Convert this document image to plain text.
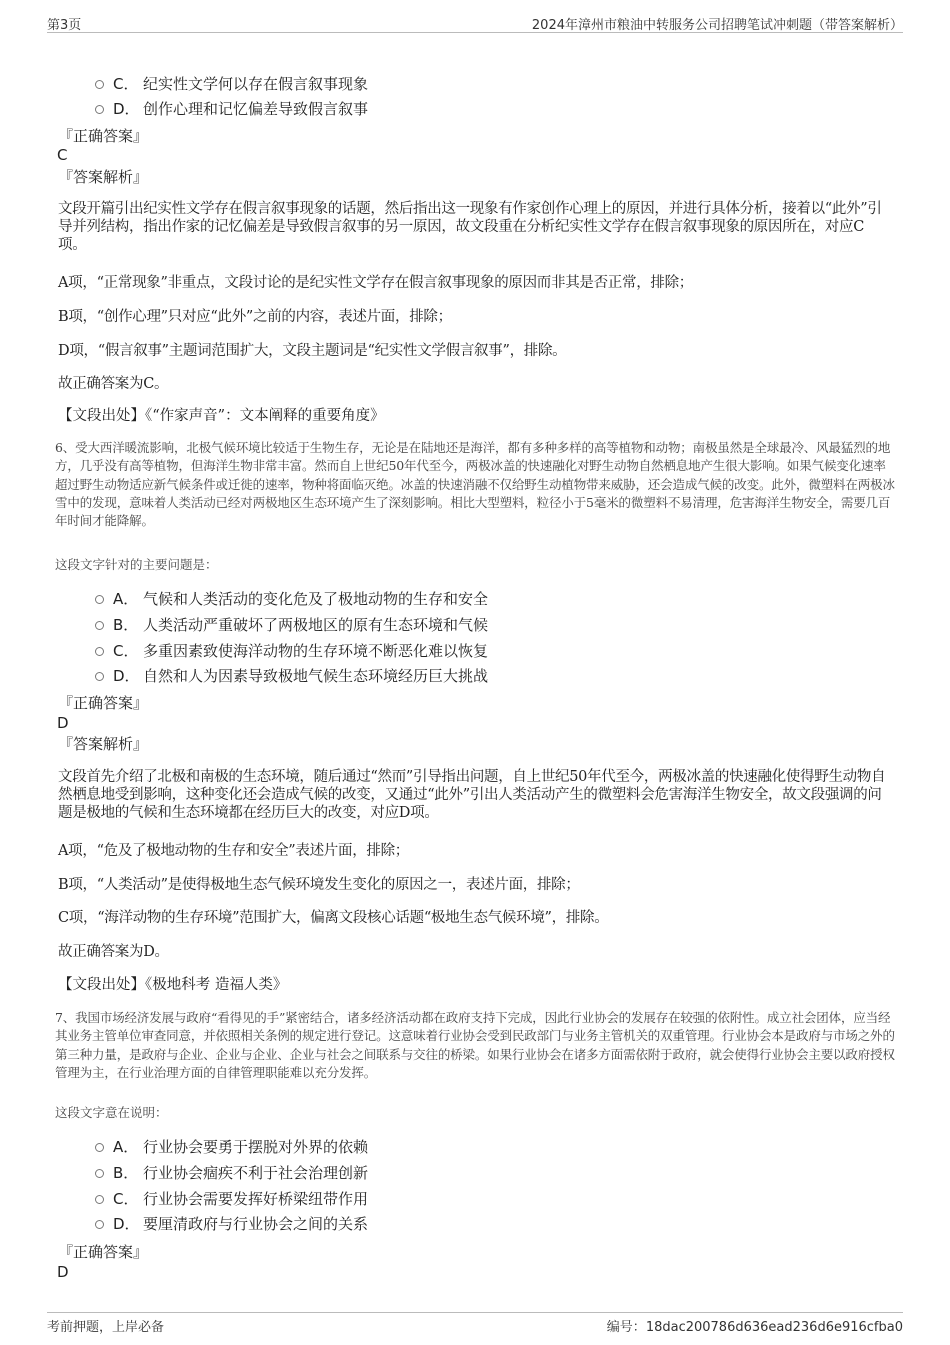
第3页	2024年漳州市粮油中转服务公司招聘笔试冲刺题（带答案解析）
C． 纪实性文学何以存在假言叙事现象
D． 创作心理和记忆偏差导致假言叙事
『正确答案』
C
『答案解析』

文段开篇引出纪实性文学存在假言叙事现象的话题，然后指出这一现象有作家创作心理上的原因，并进行具体分析，接着以“此外”引导并列结构，指出作家的记忆偏差是导致假言叙事的另一原因，故文段重在分析纪实性文学存在假言叙事现象的原因所在，对应C项。

A项，“正常现象”非重点，文段讨论的是纪实性文学存在假言叙事现象的原因而非其是否正常，排除；
B项，“创作心理”只对应“此外”之前的内容，表述片面，排除；
D项，“假言叙事”主题词范围扩大，文段主题词是“纪实性文学假言叙事”，排除。
故正确答案为C。
【文段出处】《“作家声音”：文本阐释的重要角度》

6、受大西洋暖流影响，北极气候环境比较适于生物生存，无论是在陆地还是海洋，都有多种多样的高等植物和动物；南极虽然是全球最冷、风最猛烈的地方，几乎没有高等植物，但海洋生物非常丰富。然而自上世纪50年代至今，两极冰盖的快速融化对野生动物自然栖息地产生很大影响。如果气候变化速率超过野生动物适应新气候条件或迁徙的速率，物种将面临灭绝。冰盖的快速消融不仅给野生动植物带来威胁，还会造成气候的改变。此外，微塑料在两极冰雪中的发现，意味着人类活动已经对两极地区生态环境产生了深刻影响。相比大型塑料，粒径小于5毫米的微塑料不易清理，危害海洋生物安全，需要几百年时间才能降解。

这段文字针对的主要问题是：
A． 气候和人类活动的变化危及了极地动物的生存和安全
B． 人类活动严重破坏了两极地区的原有生态环境和气候
C． 多重因素致使海洋动物的生存环境不断恶化难以恢复
D． 自然和人为因素导致极地气候生态环境经历巨大挑战
『正确答案』
D
『答案解析』

文段首先介绍了北极和南极的生态环境，随后通过“然而”引导指出问题，自上世纪50年代至今，两极冰盖的快速融化使得野生动物自然栖息地受到影响，这种变化还会造成气候的改变，又通过“此外”引出人类活动产生的微塑料会危害海洋生物安全，故文段强调的问题是极地的气候和生态环境都在经历巨大的改变，对应D项。

A项，“危及了极地动物的生存和安全”表述片面，排除；
B项，“人类活动”是使得极地生态气候环境发生变化的原因之一，表述片面，排除；
C项，“海洋动物的生存环境”范围扩大，偏离文段核心话题“极地生态气候环境”，排除。
故正确答案为D。
【文段出处】《极地科考 造福人类》

7、我国市场经济发展与政府“看得见的手”紧密结合，诸多经济活动都在政府支持下完成，因此行业协会的发展存在较强的依附性。成立社会团体，应当经其业务主管单位审查同意，并依照相关条例的规定进行登记。这意味着行业协会受到民政部门与业务主管机关的双重管理。行业协会本是政府与市场之外的第三种力量，是政府与企业、企业与企业、企业与社会之间联系与交往的桥梁。如果行业协会在诸多方面需依附于政府，就会使得行业协会主要以政府授权管理为主，在行业治理方面的自律管理职能难以充分发挥。

这段文字意在说明：
A． 行业协会要勇于摆脱对外界的依赖
B． 行业协会痼疾不利于社会治理创新
C． 行业协会需要发挥好桥梁纽带作用
D． 要厘清政府与行业协会之间的关系
『正确答案』
D
考前押题，上岸必备	编号：18dac200786d636ead236d6e916cfba0
